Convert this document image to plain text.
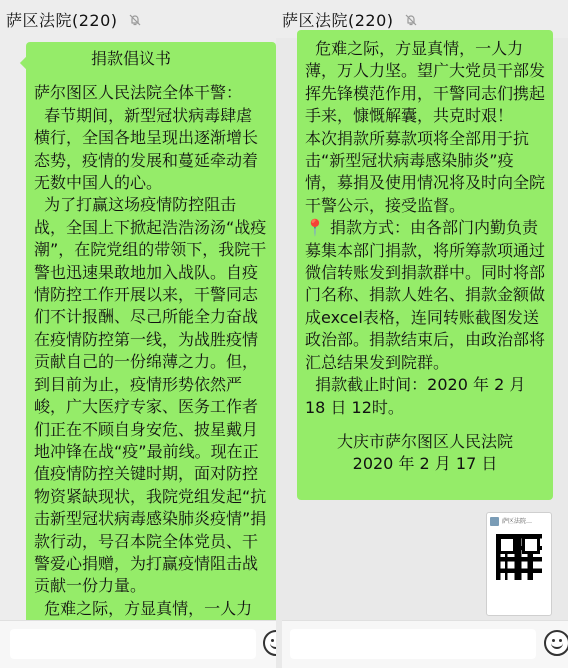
萨区法院(220)
捐款倡议书
萨尔图区人民法院全体干警：
春节期间，新型冠状病毒肆虐横行，全国各地呈现出逐渐增长态势，疫情的发展和蔓延牵动着无数中国人的心。
为了打赢这场疫情防控阻击战，全国上下掀起浩浩汤汤“战疫潮”，在院党组的带领下，我院干警也迅速果敢地加入战队。自疫情防控工作开展以来，干警同志们不计报酬、尽己所能全力奋战在疫情防控第一线，为战胜疫情贡献自己的一份绵薄之力。但，到目前为止，疫情形势依然严峻，广大医疗专家、医务工作者们正在不顾自身安危、披星戴月地冲锋在战“疫”最前线。现在正值疫情防控关键时期，面对防控物资紧缺现状，我院党组发起“抗击新型冠状病毒感染肺炎疫情”捐款行动，号召本院全体党员、干警爱心捐赠，为打赢疫情阻击战贡献一份力量。
危难之际，方显真情，一人力
萨区法院(220)
危难之际，方显真情，一人力薄，万人力坚。望广大党员干部发挥先锋模范作用，干警同志们携起手来，慷慨解囊，共克时艰！
本次捐款所募款项将全部用于抗击“新型冠状病毒感染肺炎”疫情，募捐及使用情况将及时向全院干警公示，接受监督。
📍 捐款方式：由各部门内勤负责募集本部门捐款，将所筹款项通过微信转账发到捐款群中。同时将部门名称、捐款人姓名、捐款金额做成excel表格，连同转账截图发送政治部。捐款结束后，由政治部将汇总结果发到院群。
捐款截止时间：2020 年 2 月 18 日 12时。
大庆市萨尔图区人民法院
2020 年 2 月 17 日
萨区法院…
